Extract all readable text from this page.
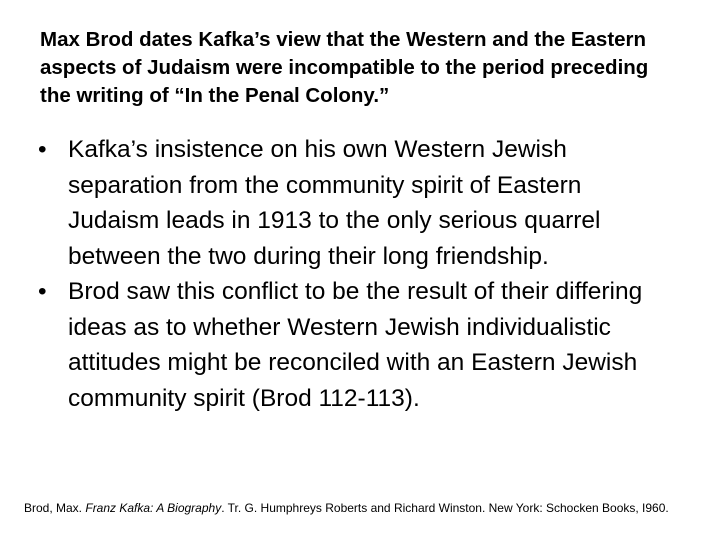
Max Brod dates Kafka’s view that the Western and the Eastern aspects of Judaism were incompatible to the period preceding the writing of “In the Penal Colony.”
• Kafka’s insistence on his own Western Jewish separation from the community spirit of Eastern Judaism leads in 1913 to the only serious quarrel between the two during their long friendship.
• Brod saw this conflict to be the result of their differing ideas as to whether Western Jewish individualistic attitudes might be reconciled with an Eastern Jewish community spirit (Brod 112‑113).
Brod, Max. Franz Kafka: A Biography. Tr. G. Humphreys Roberts and Richard Winston. New York: Schocken Books, I960.
